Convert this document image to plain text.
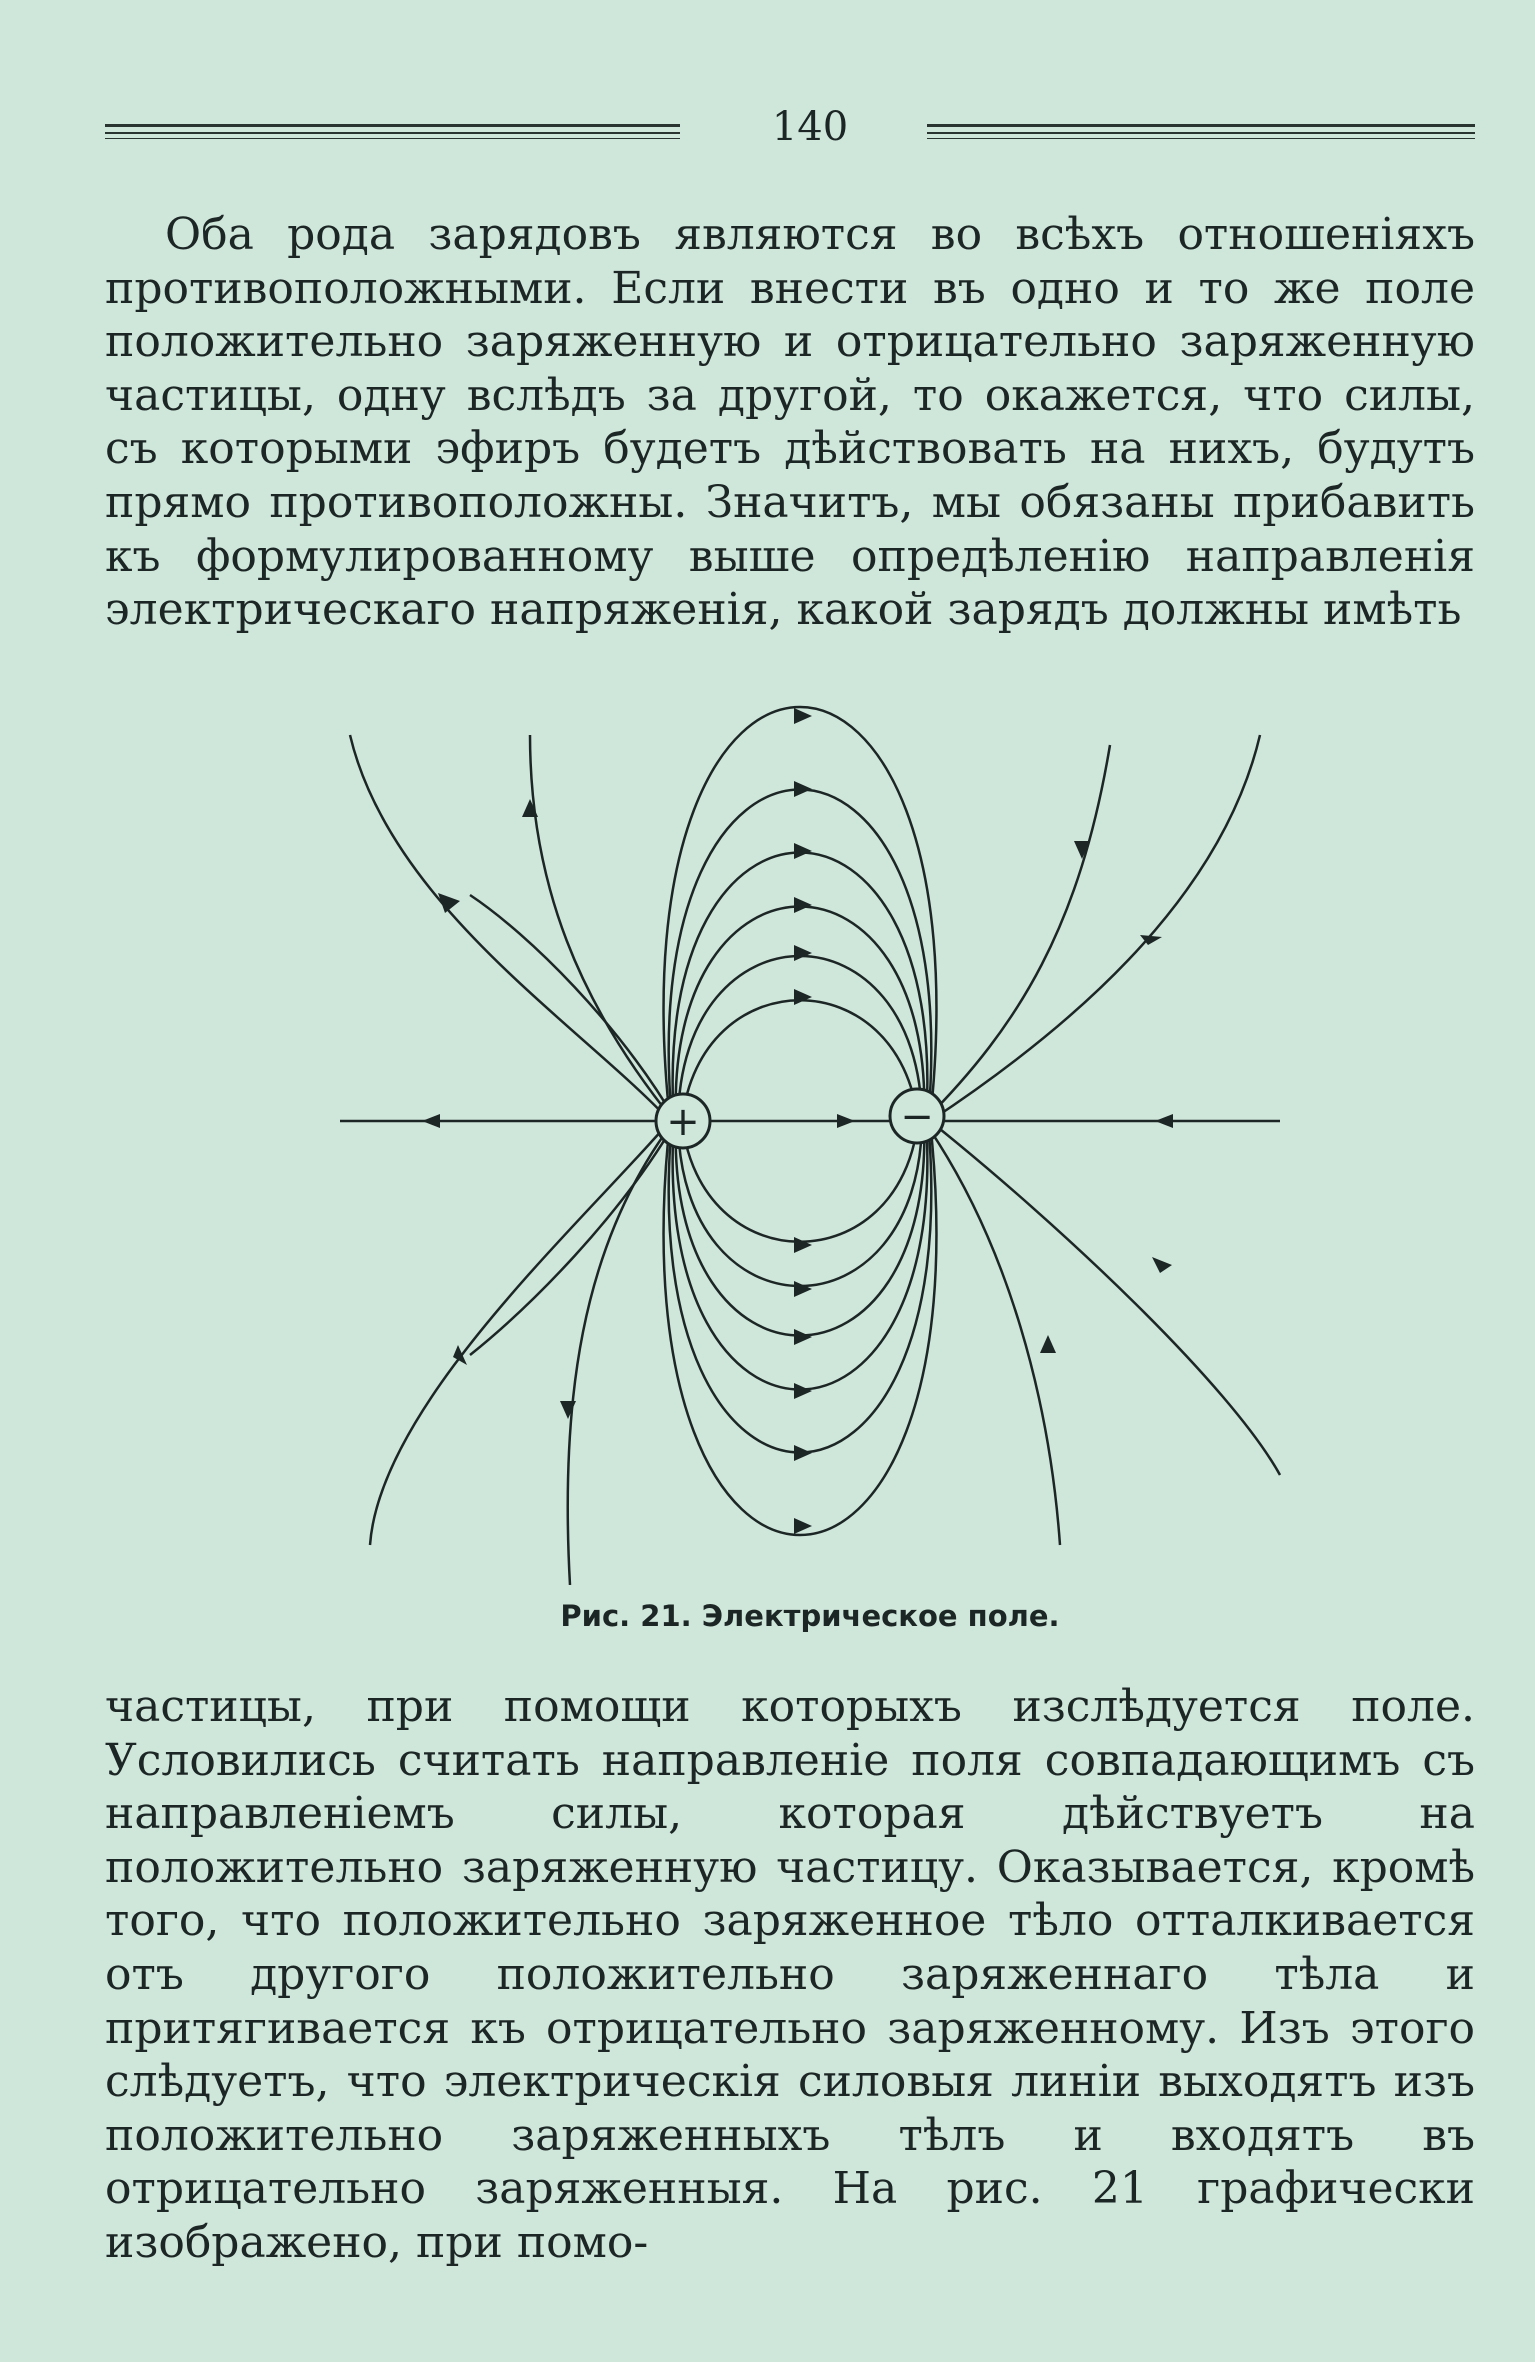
140

Оба рода зарядовъ являются во всѣхъ отношенiяхъ противоположными. Если внести въ одно и то же поле положительно заряженную и отрицательно заряженную частицы, одну вслѣдъ за другой, то окажется, что силы, съ которыми эфиръ будетъ дѣйствовать на нихъ, будутъ прямо противоположны. Значитъ, мы обязаны прибавить къ формулированному выше опредѣленiю направленiя электрическаго напряженiя, какой зарядъ должны имѣть

+	−
Рис. 21. Электрическое поле.

частицы, при помощи которыхъ изслѣдуется поле. Условились считать направленiе поля совпадающимъ съ направленiемъ силы, которая дѣйствуетъ на положительно заряженную частицу. Оказывается, кромѣ того, что положительно заряженное тѣло отталкивается отъ другого положительно заряженнаго тѣла и притягивается къ отрицательно заряженному. Изъ этого слѣдуетъ, что электрическiя силовыя линiи выходятъ изъ положительно заряженныхъ тѣлъ и входятъ въ отрицательно заряженныя. На рис. 21 графически изображено, при помо-
